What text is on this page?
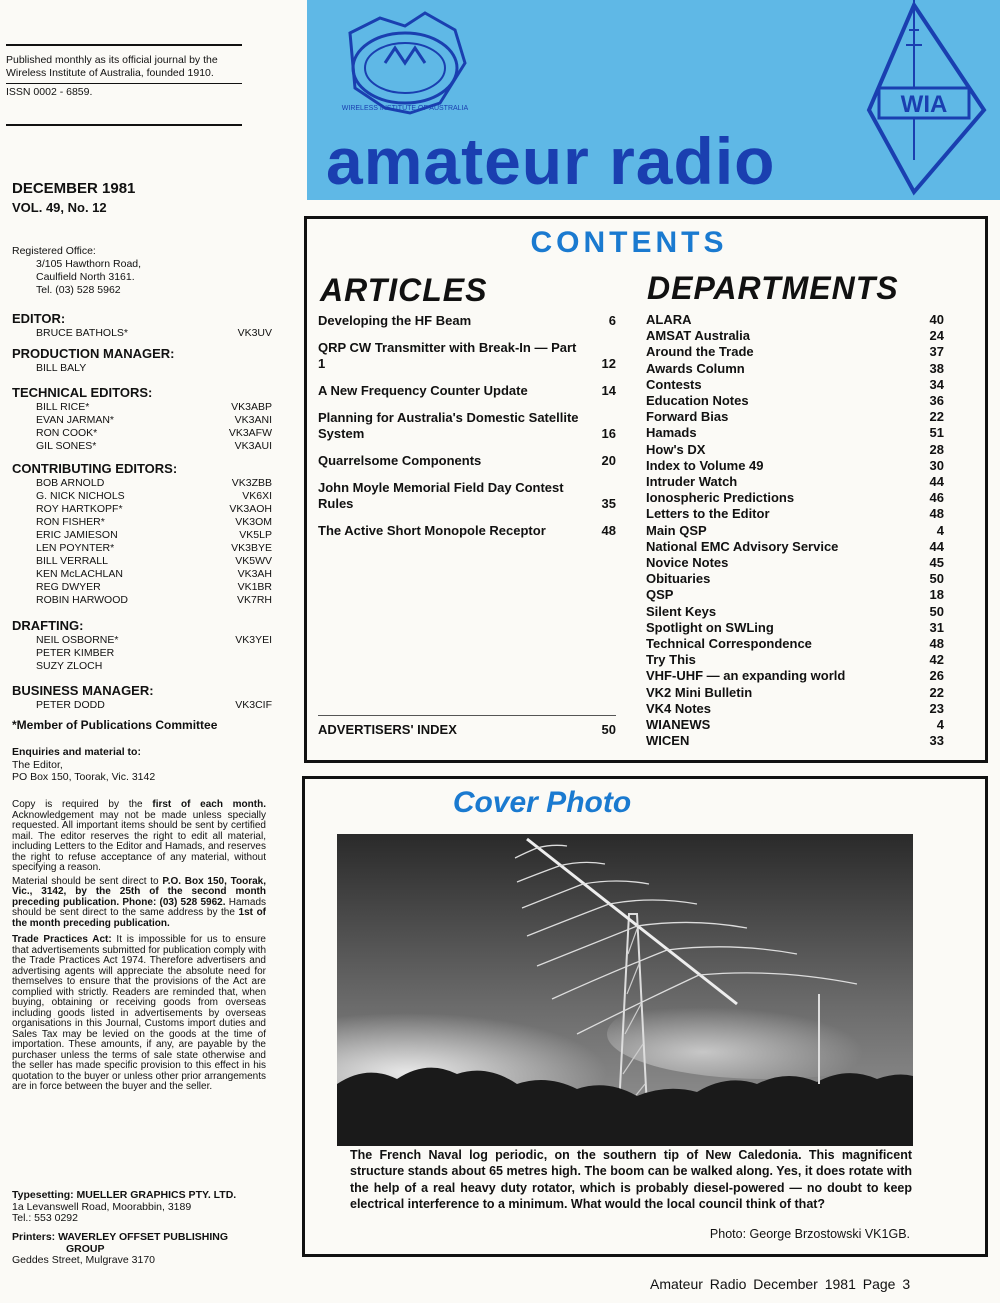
Published monthly as its official journal by the Wireless Institute of Australia, founded 1910.
ISSN 0002 - 6859.
WIRELESS INSTITUTE OF AUSTRALIA
amateur radio
WIA
DECEMBER 1981
VOL. 49, No. 12
Registered Office:
3/105 Hawthorn Road,
Caulfield North 3161.
Tel. (03) 528 5962
EDITOR:
BRUCE BATHOLS*	VK3UV
PRODUCTION MANAGER:
BILL BALY
TECHNICAL EDITORS:
BILL RICE*	VK3ABP
EVAN JARMAN*	VK3ANI
RON COOK*	VK3AFW
GIL SONES*	VK3AUI
CONTRIBUTING EDITORS:
BOB ARNOLD	VK3ZBB
G. NICK NICHOLS	VK6XI
ROY HARTKOPF*	VK3AOH
RON FISHER*	VK3OM
ERIC JAMIESON	VK5LP
LEN POYNTER*	VK3BYE
BILL VERRALL	VK5WV
KEN McLACHLAN	VK3AH
REG DWYER	VK1BR
ROBIN HARWOOD	VK7RH
DRAFTING:
NEIL OSBORNE*	VK3YEI
PETER KIMBER
SUZY ZLOCH
BUSINESS MANAGER:
PETER DODD	VK3CIF
*Member of Publications Committee
Enquiries and material to:
The Editor,
PO Box 150, Toorak, Vic. 3142
Copy is required by the first of each month. Acknowledgement may not be made unless specially requested. All important items should be sent by certified mail. The editor reserves the right to edit all material, including Letters to the Editor and Hamads, and reserves the right to refuse acceptance of any material, without specifying a reason.
Material should be sent direct to P.O. Box 150, Toorak, Vic., 3142, by the 25th of the second month preceding publication. Phone: (03) 528 5962. Hamads should be sent direct to the same address by the 1st of the month preceding publication.
Trade Practices Act: It is impossible for us to ensure that advertisements submitted for publication comply with the Trade Practices Act 1974. Therefore advertisers and advertising agents will appreciate the absolute need for themselves to ensure that the provisions of the Act are complied with strictly. Readers are reminded that, when buying, obtaining or receiving goods from overseas including goods listed in advertisements by overseas organisations in this Journal, Customs import duties and Sales Tax may be levied on the goods at the time of importation. These amounts, if any, are payable by the purchaser unless the terms of sale state otherwise and the seller has made specific provision to this effect in his quotation to the buyer or unless other prior arrangements are in force between the buyer and the seller.
Typesetting: MUELLER GRAPHICS PTY. LTD.
1a Levanswell Road, Moorabbin, 3189
Tel.: 553 0292
Printers: WAVERLEY OFFSET PUBLISHING
GROUP
Geddes Street, Mulgrave 3170
CONTENTS
ARTICLES	DEPARTMENTS
Developing the HF Beam	6
QRP CW Transmitter with Break-In — Part 1	12
A New Frequency Counter Update	14
Planning for Australia's Domestic Satellite System	16
Quarrelsome Components	20
John Moyle Memorial Field Day Contest Rules	35
The Active Short Monopole Receptor	48
ADVERTISERS' INDEX	50
ALARA	40
AMSAT Australia	24
Around the Trade	37
Awards Column	38
Contests	34
Education Notes	36
Forward Bias	22
Hamads	51
How's DX	28
Index to Volume 49	30
Intruder Watch	44
Ionospheric Predictions	46
Letters to the Editor	48
Main QSP	4
National EMC Advisory Service	44
Novice Notes	45
Obituaries	50
QSP	18
Silent Keys	50
Spotlight on SWLing	31
Technical Correspondence	48
Try This	42
VHF-UHF — an expanding world	26
VK2 Mini Bulletin	22
VK4 Notes	23
WIANEWS	4
WICEN	33
Cover Photo
The French Naval log periodic, on the southern tip of New Caledonia. This magnificent structure stands about 65 metres high. The boom can be walked along. Yes, it does rotate with the help of a real heavy duty rotator, which is probably diesel-powered — no doubt to keep electrical interference to a minimum. What would the local council think of that?
Photo: George Brzostowski VK1GB.
Amateur Radio December 1981 Page 3
